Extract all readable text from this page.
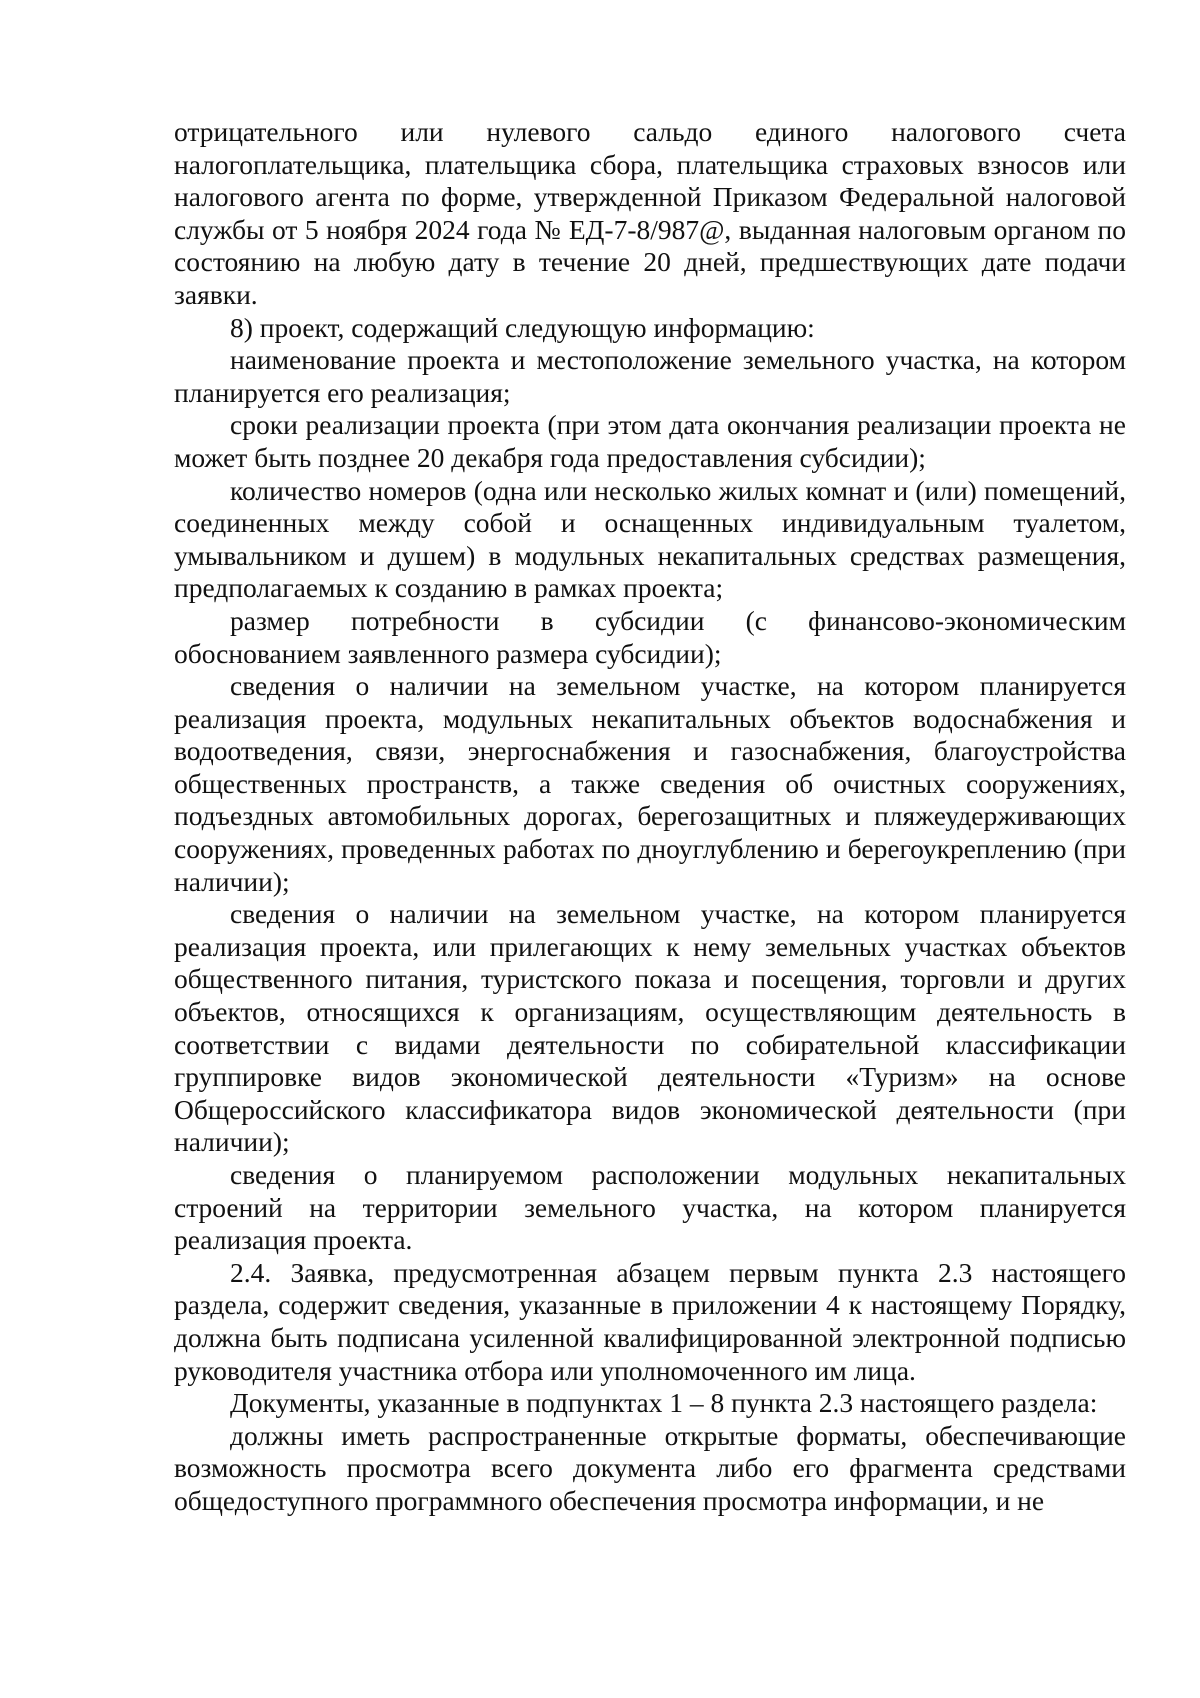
отрицательного или нулевого сальдо единого налогового счета налогоплательщика, плательщика сбора, плательщика страховых взносов или налогового агента по форме, утвержденной Приказом Федеральной налоговой службы от 5 ноября 2024 года № ЕД-7-8/987@, выданная налоговым органом по состоянию на любую дату в течение 20 дней, предшествующих дате подачи заявки.

8) проект, содержащий следующую информацию:

наименование проекта и местоположение земельного участка, на котором планируется его реализация;

сроки реализации проекта (при этом дата окончания реализации проекта не может быть позднее 20 декабря года предоставления субсидии);

количество номеров (одна или несколько жилых комнат и (или) помещений, соединенных между собой и оснащенных индивидуальным туалетом, умывальником и душем) в модульных некапитальных средствах размещения, предполагаемых к созданию в рамках проекта;

размер потребности в субсидии (с финансово-экономическим обоснованием заявленного размера субсидии);

сведения о наличии на земельном участке, на котором планируется реализация проекта, модульных некапитальных объектов водоснабжения и водоотведения, связи, энергоснабжения и газоснабжения, благоустройства общественных пространств, а также сведения об очистных сооружениях, подъездных автомобильных дорогах, берегозащитных и пляжеудерживающих сооружениях, проведенных работах по дноуглублению и берегоукреплению (при наличии);

сведения о наличии на земельном участке, на котором планируется реализация проекта, или прилегающих к нему земельных участках объектов общественного питания, туристского показа и посещения, торговли и других объектов, относящихся к организациям, осуществляющим деятельность в соответствии с видами деятельности по собирательной классификации группировке видов экономической деятельности «Туризм» на основе Общероссийского классификатора видов экономической деятельности (при наличии);

сведения о планируемом расположении модульных некапитальных строений на территории земельного участка, на котором планируется реализация проекта.

2.4. Заявка, предусмотренная абзацем первым пункта 2.3 настоящего раздела, содержит сведения, указанные в приложении 4 к настоящему Порядку, должна быть подписана усиленной квалифицированной электронной подписью руководителя участника отбора или уполномоченного им лица.

Документы, указанные в подпунктах 1 – 8 пункта 2.3 настоящего раздела:

должны иметь распространенные открытые форматы, обеспечивающие возможность просмотра всего документа либо его фрагмента средствами общедоступного программного обеспечения просмотра информации, и не
